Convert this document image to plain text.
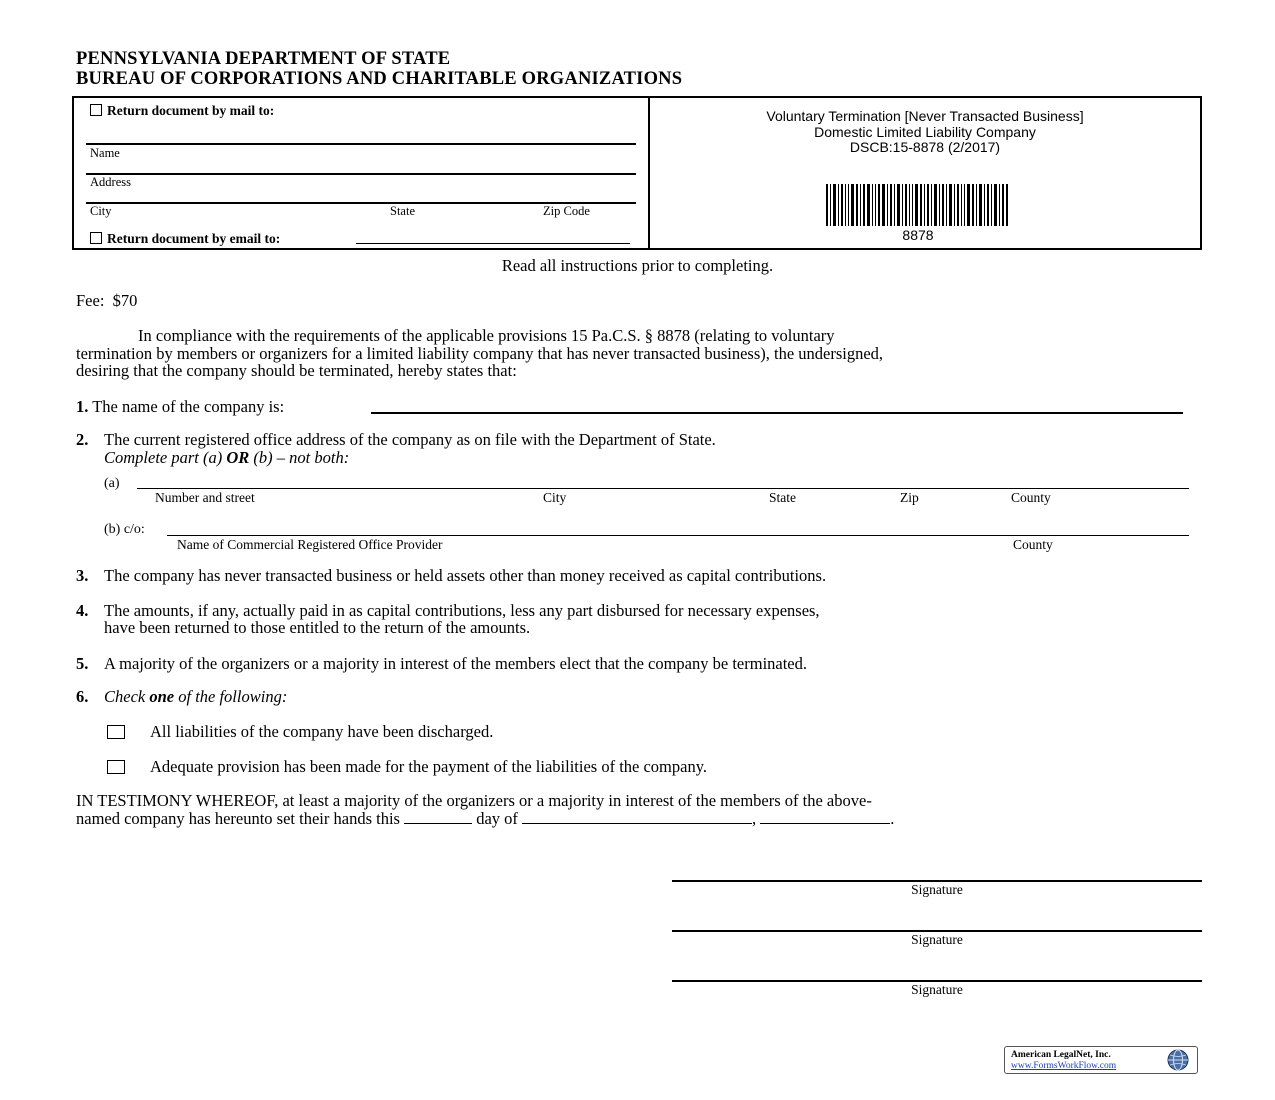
PENNSYLVANIA DEPARTMENT OF STATE
BUREAU OF CORPORATIONS AND CHARITABLE ORGANIZATIONS
Return document by mail to:
Name
Address
City	State	Zip Code
Return document by email to:
Voluntary Termination [Never Transacted Business]
Domestic Limited Liability Company
DSCB:15-8878 (2/2017)
8878
Read all instructions prior to completing.
Fee: $70
In compliance with the requirements of the applicable provisions 15 Pa.C.S. § 8878 (relating to voluntary
termination by members or organizers for a limited liability company that has never transacted business), the undersigned,
desiring that the company should be terminated, hereby states that:
1. The name of the company is:
2. The current registered office address of the company as on file with the Department of State.
Complete part (a) OR (b) – not both:
(a)
Number and street	City	State	Zip	County
(b) c/o:
Name of Commercial Registered Office Provider	County
3. The company has never transacted business or held assets other than money received as capital contributions.
4. The amounts, if any, actually paid in as capital contributions, less any part disbursed for necessary expenses,
have been returned to those entitled to the return of the amounts.
5. A majority of the organizers or a majority in interest of the members elect that the company be terminated.
6. Check one of the following:
All liabilities of the company have been discharged.
Adequate provision has been made for the payment of the liabilities of the company.
IN TESTIMONY WHEREOF, at least a majority of the organizers or a majority in interest of the members of the above-
named company has hereunto set their hands this	day of	,	.
Signature
Signature
Signature
American LegalNet, Inc.
www.FormsWorkFlow.com
